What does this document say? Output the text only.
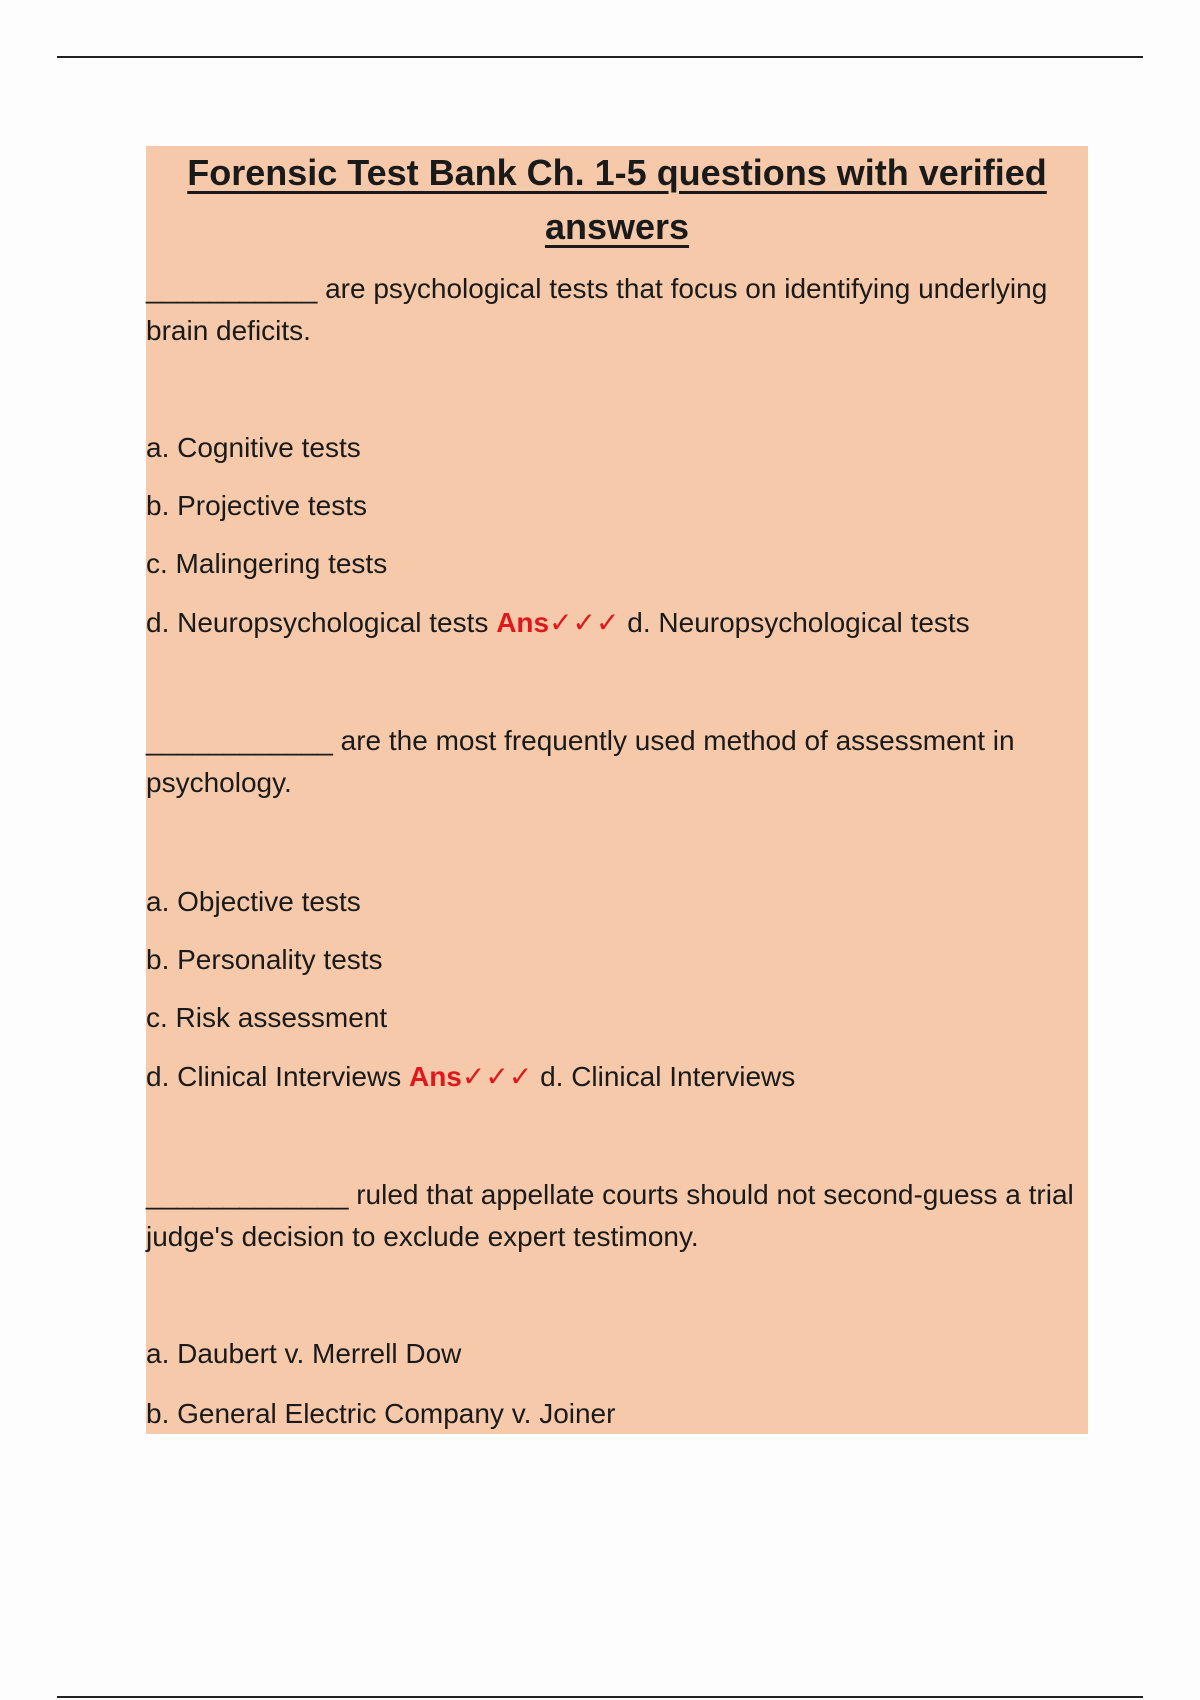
Forensic Test Bank Ch. 1-5 questions with verified answers
___________ are psychological tests that focus on identifying underlying brain deficits.
a. Cognitive tests
b. Projective tests
c. Malingering tests
d. Neuropsychological tests Ans✓✓✓ d. Neuropsychological tests
____________ are the most frequently used method of assessment in psychology.
a. Objective tests
b. Personality tests
c. Risk assessment
d. Clinical Interviews Ans✓✓✓ d. Clinical Interviews
_____________ ruled that appellate courts should not second-guess a trial judge's decision to exclude expert testimony.
a. Daubert v. Merrell Dow
b. General Electric Company v. Joiner
